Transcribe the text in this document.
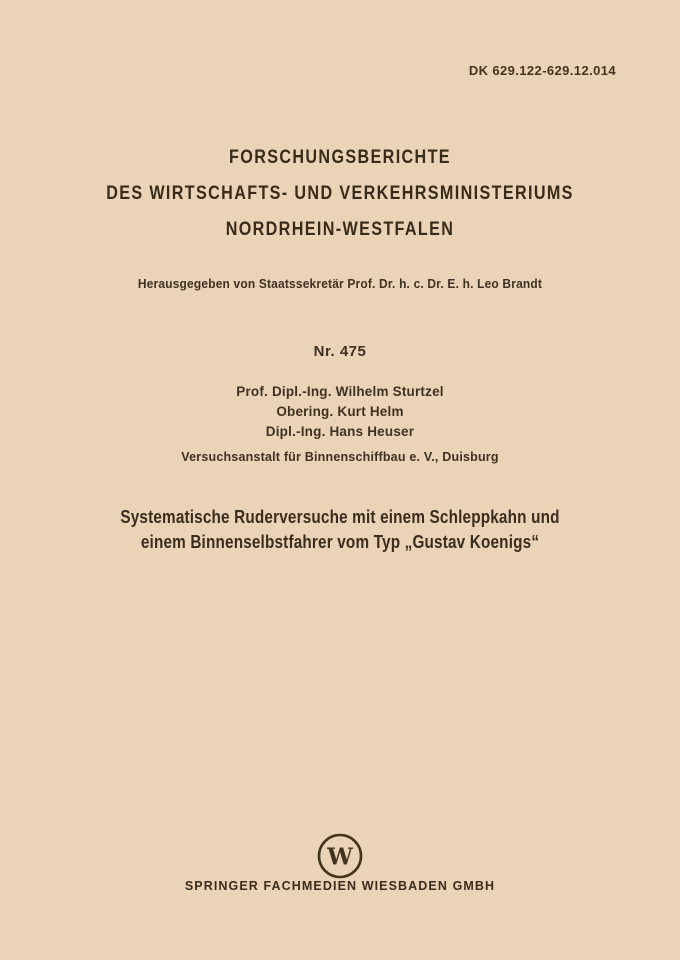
DK 629.122-629.12.014
FORSCHUNGSBERICHTE
DES WIRTSCHAFTS- UND VERKEHRSMINISTERIUMS
NORDRHEIN-WESTFALEN
Herausgegeben von Staatssekretär Prof. Dr. h. c. Dr. E. h. Leo Brandt
Nr. 475
Prof. Dipl.-Ing. Wilhelm Sturtzel
Obering. Kurt Helm
Dipl.-Ing. Hans Heuser
Versuchsanstalt für Binnenschiffbau e. V., Duisburg
Systematische Ruderversuche mit einem Schleppkahn und
einem Binnenselbstfahrer vom Typ „Gustav Koenigs“
W
SPRINGER FACHMEDIEN WIESBADEN GMBH
